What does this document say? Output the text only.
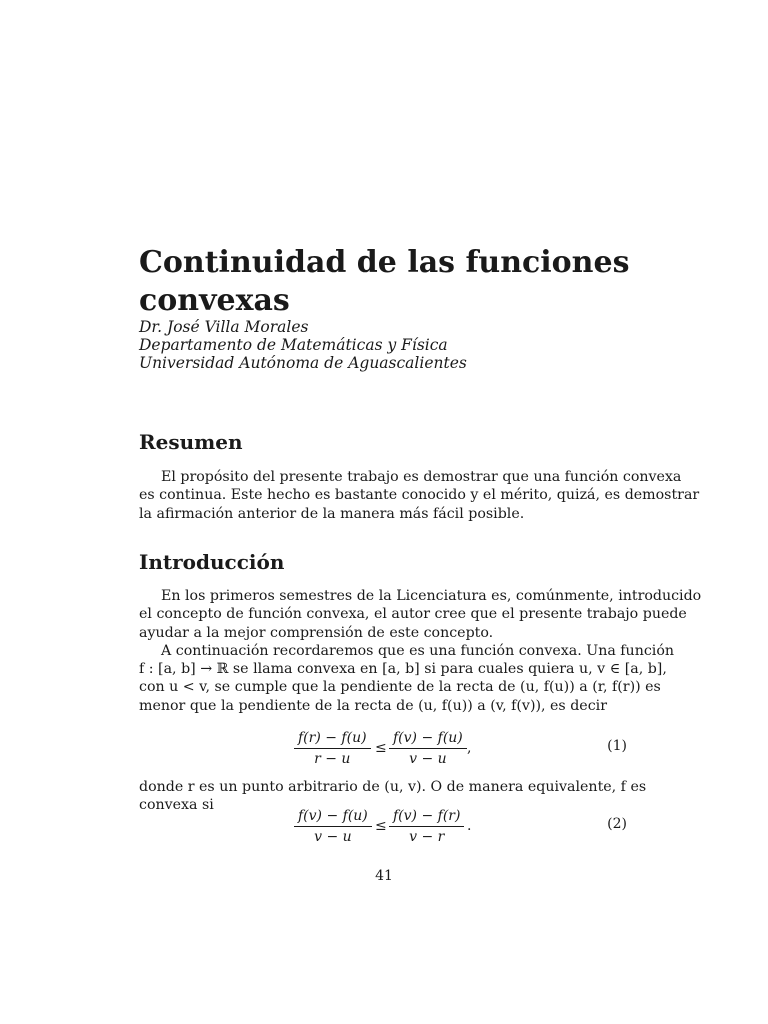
Continuidad de las funciones convexas
Dr. José Villa Morales
Departamento de Matemáticas y Física
Universidad Autónoma de Aguascalientes
Resumen
El propósito del presente trabajo es demostrar que una función convexa
es continua. Este hecho es bastante conocido y el mérito, quizá, es demostrar
la afirmación anterior de la manera más fácil posible.
Introducción
En los primeros semestres de la Licenciatura es, comúnmente, introducido
el concepto de función convexa, el autor cree que el presente trabajo puede
ayudar a la mejor comprensión de este concepto.
A continuación recordaremos que es una función convexa. Una función
f : [a, b] → ℝ se llama convexa en [a, b] si para cuales quiera u, v ∈ [a, b],
con u < v, se cumple que la pendiente de la recta de (u, f(u)) a (r, f(r)) es
menor que la pendiente de la recta de (u, f(u)) a (v, f(v)), es decir
$\frac{f(r) - f(u)}{r - u} \le \frac{f(v) - f(u)}{v - u}$ ,	(1)
donde r es un punto arbitrario de (u, v). O de manera equivalente, f es
convexa si
$\frac{f(v) - f(u)}{v - u} \le \frac{f(v) - f(r)}{v - r}$ .	(2)
41
